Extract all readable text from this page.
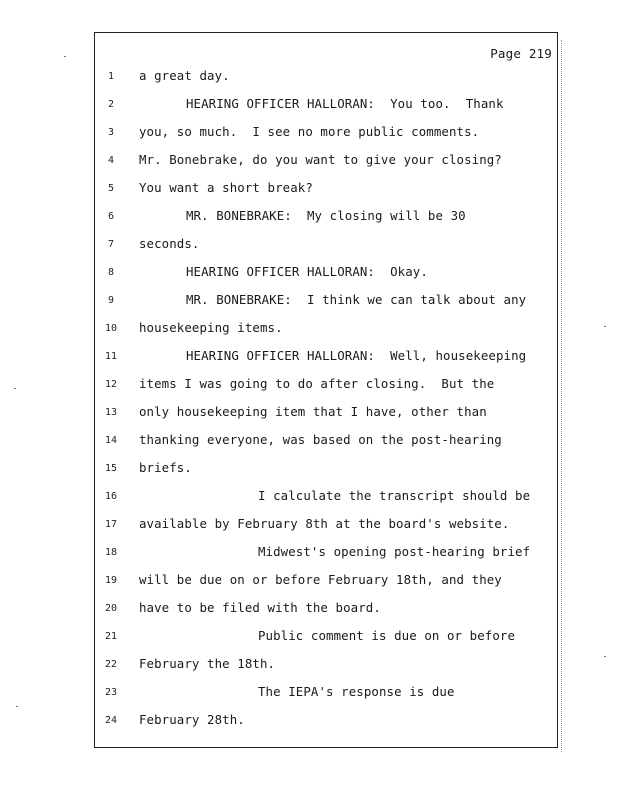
Page 219
1	a great day.
2	HEARING OFFICER HALLORAN:  You too.  Thank
3	you, so much.  I see no more public comments.
4	Mr. Bonebrake, do you want to give your closing?
5	You want a short break?
6	MR. BONEBRAKE:  My closing will be 30
7	seconds.
8	HEARING OFFICER HALLORAN:  Okay.
9	MR. BONEBRAKE:  I think we can talk about any
10	housekeeping items.
11	HEARING OFFICER HALLORAN:  Well, housekeeping
12	items I was going to do after closing.  But the
13	only housekeeping item that I have, other than
14	thanking everyone, was based on the post-hearing
15	briefs.
16	I calculate the transcript should be
17	available by February 8th at the board's website.
18	Midwest's opening post-hearing brief
19	will be due on or before February 18th, and they
20	have to be filed with the board.
21	Public comment is due on or before
22	February the 18th.
23	The IEPA's response is due
24	February 28th.
